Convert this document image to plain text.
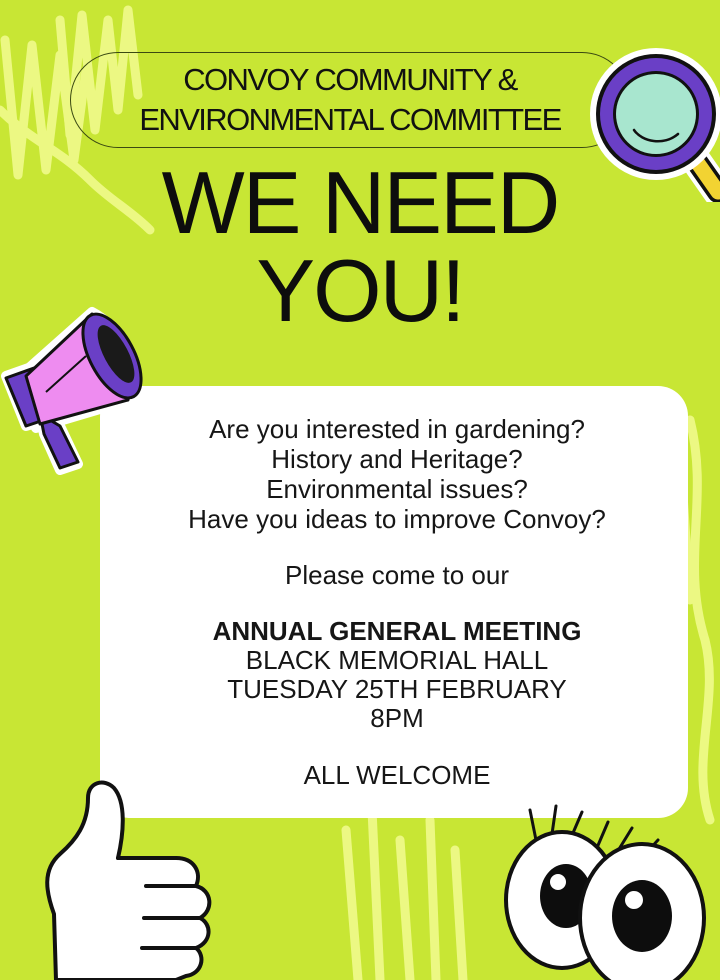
CONVOY COMMUNITY &
ENVIRONMENTAL COMMITTEE
WE NEED
YOU!
Are you interested in gardening?
History and Heritage?
Environmental issues?
Have you ideas to improve Convoy?
Please come to our
ANNUAL GENERAL MEETING
BLACK MEMORIAL HALL
TUESDAY 25TH FEBRUARY
8PM
ALL WELCOME
